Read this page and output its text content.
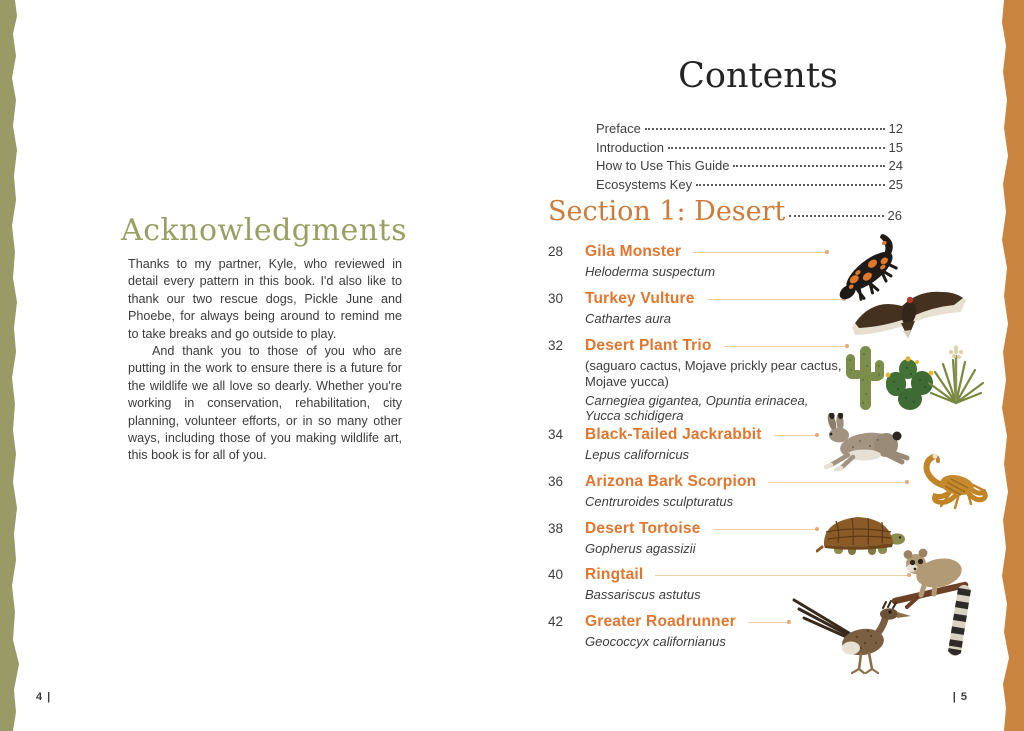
Acknowledgments

Thanks to my partner, Kyle, who reviewed in detail every pattern in this book. I'd also like to thank our two rescue dogs, Pickle June and Phoebe, for always being around to remind me to take breaks and go outside to play.

And thank you to those of you who are putting in the work to ensure there is a future for the wildlife we all love so dearly. Whether you're working in conservation, rehabilitation, city planning, volunteer efforts, or in so many other ways, including those of you making wildlife art, this book is for all of you.

4 |
Contents
Preface	12
Introduction	15
How to Use This Guide	24
Ecosystems Key	25
Section 1: Desert	26
28	Gila Monster
Heloderma suspectum
30	Turkey Vulture
Cathartes aura
32	Desert Plant Trio
(saguaro cactus, Mojave prickly pear cactus,
Mojave yucca)
Carnegiea gigantea, Opuntia erinacea,
Yucca schidigera
34	Black-Tailed Jackrabbit
Lepus californicus
36	Arizona Bark Scorpion
Centruroides sculpturatus
38	Desert Tortoise
Gopherus agassizii
40	Ringtail
Bassariscus astutus
42	Greater Roadrunner
Geococcyx californianus
| 5
